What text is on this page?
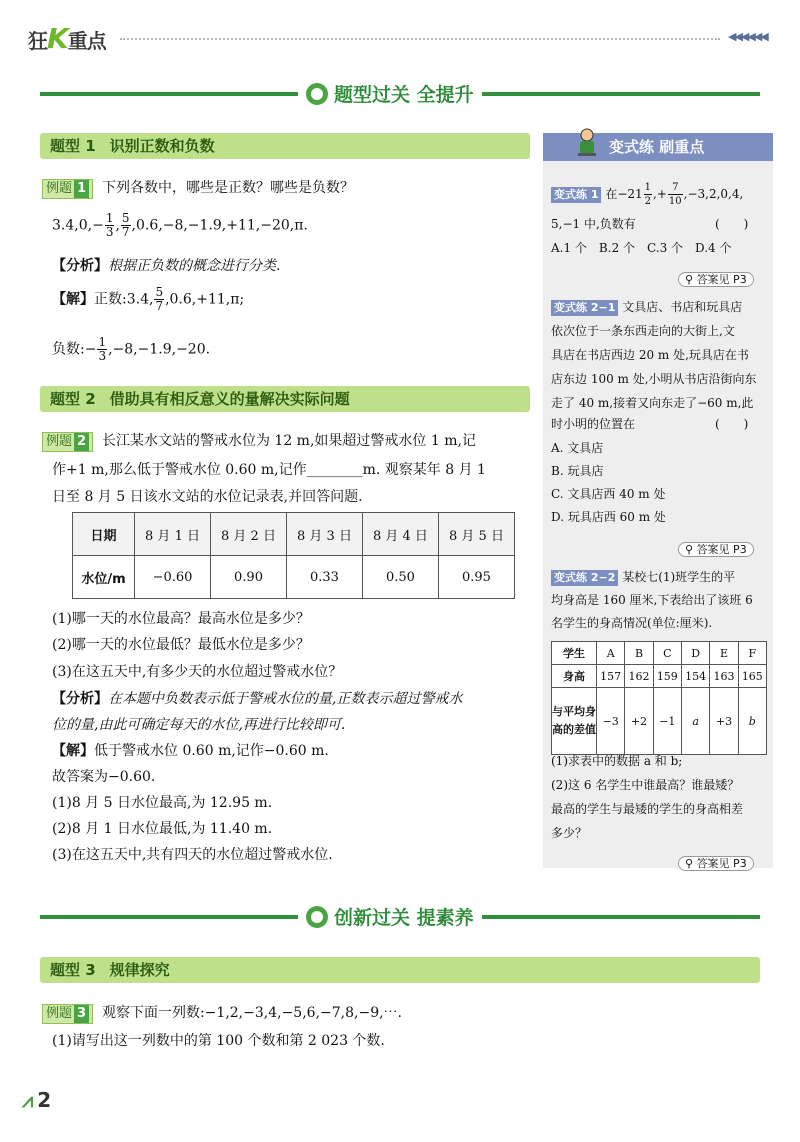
狂K重点	◀◀◀◀◀◀
题型过关 全提升
题型 1 识别正数和负数
例题 1 下列各数中，哪些是正数？哪些是负数？
$3.4,0,- \frac{1}{3}$ , $\frac{5}{7} ,0.6,-8,-1.9,+11,-20,\pi$.
【分析】根据正负数的概念进行分类.
【解】正数:3.4, $\frac{5}{7} ,0.6,+11,\pi$;
负数:− $\frac{1}{3} ,-8,-1.9,-20$.
题型 2 借助具有相反意义的量解决实际问题
例题 2 长江某水文站的警戒水位为 12 m,如果超过警戒水位 1 m,记
作+1 m,那么低于警戒水位 0.60 m,记作________m. 观察某年 8 月 1
日至 8 月 5 日该水文站的水位记录表,并回答问题.
日期	8 月 1 日	8 月 2 日	8 月 3 日	8 月 4 日	8 月 5 日
水位/m	−0.60	0.90	0.33	0.50	0.95
(1)哪一天的水位最高？最高水位是多少？
(2)哪一天的水位最低？最低水位是多少？
(3)在这五天中,有多少天的水位超过警戒水位？
【分析】在本题中负数表示低于警戒水位的量,正数表示超过警戒水
位的量,由此可确定每天的水位,再进行比较即可.
【解】低于警戒水位 0.60 m,记作−0.60 m.
故答案为−0.60.
(1)8 月 5 日水位最高,为 12.95 m.
(2)8 月 1 日水位最低,为 11.40 m.
(3)在这五天中,共有四天的水位超过警戒水位.
变式练 刷重点
变式练 1 在$-21 \frac{1}{2}$ ,+ $\frac{7}{10} ,-3,2,0,4$,
5,−1 中,负数有	(　　)
A.1 个　B.2 个　C.3 个　D.4 个
⚲ 答案见 P3
变式练 2−1 文具店、书店和玩具店
依次位于一条东西走向的大街上,文
具店在书店西边 20 m 处,玩具店在书
店东边 100 m 处,小明从书店沿街向东
走了 40 m,接着又向东走了−60 m,此
时小明的位置在	(　　)
A. 文具店
B. 玩具店
C. 文具店西 40 m 处
D. 玩具店西 60 m 处
⚲ 答案见 P3
变式练 2−2 某校七(1)班学生的平
均身高是 160 厘米,下表给出了该班 6
名学生的身高情况(单位:厘米).
学生	A	B	C	D	E	F
身高	157	162	159	154	163	165
与平均身高的差值	−3	+2	−1	a	+3	b
(1)求表中的数据 a 和 b;
(2)这 6 名学生中谁最高？谁最矮？
最高的学生与最矮的学生的身高相差
多少？
⚲ 答案见 P3
创新过关 提素养
题型 3 规律探究
例题 3 观察下面一列数:−1,2,−3,4,−5,6,−7,8,−9,⋯.
(1)请写出这一列数中的第 100 个数和第 2 023 个数.
⩘ 2
